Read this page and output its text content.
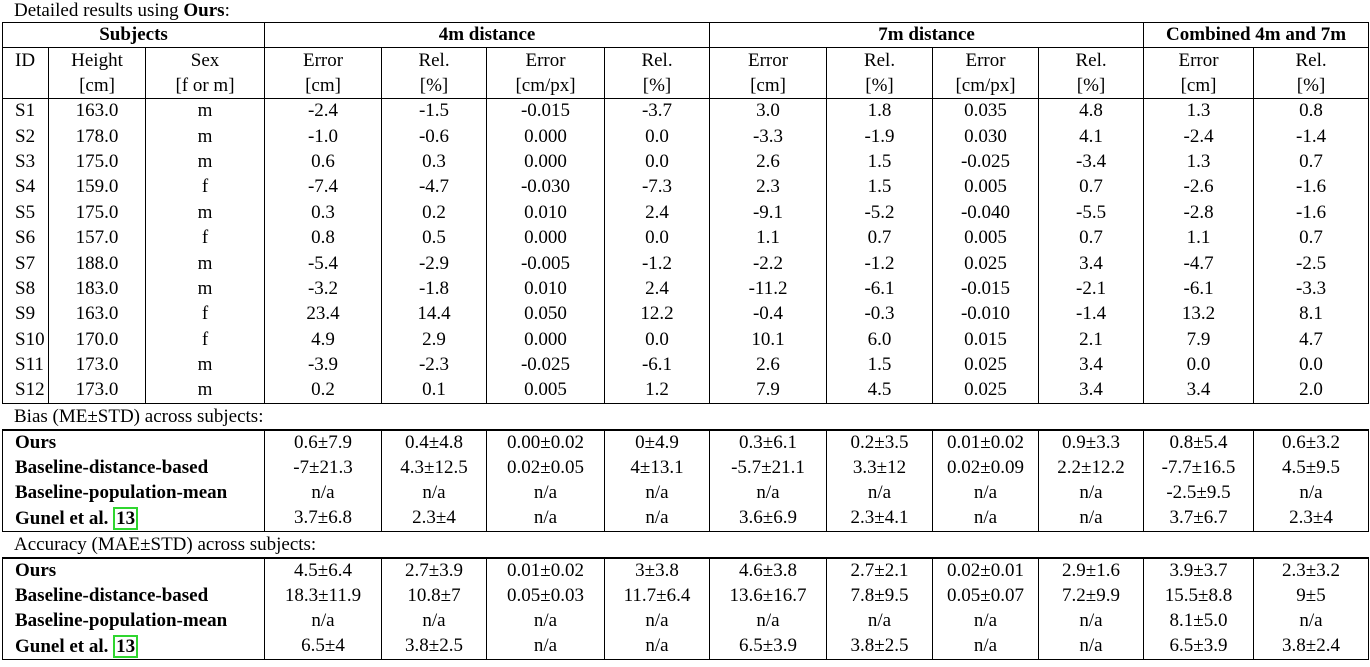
Detailed results using Ours:
Subjects			4m distance				7m distance				Combined 4m and 7m	
ID	Height	Sex	Error	Rel.	Error	Rel.	Error	Rel.	Error	Rel.	Error	Rel.
	[cm]	[f or m]	[cm]	[%]	[cm/px]	[%]	[cm]	[%]	[cm/px]	[%]	[cm]	[%]
S1	163.0	m	-2.4	-1.5	-0.015	-3.7	3.0	1.8	0.035	4.8	1.3	0.8
S2	178.0	m	-1.0	-0.6	0.000	0.0	-3.3	-1.9	0.030	4.1	-2.4	-1.4
S3	175.0	m	0.6	0.3	0.000	0.0	2.6	1.5	-0.025	-3.4	1.3	0.7
S4	159.0	f	-7.4	-4.7	-0.030	-7.3	2.3	1.5	0.005	0.7	-2.6	-1.6
S5	175.0	m	0.3	0.2	0.010	2.4	-9.1	-5.2	-0.040	-5.5	-2.8	-1.6
S6	157.0	f	0.8	0.5	0.000	0.0	1.1	0.7	0.005	0.7	1.1	0.7
S7	188.0	m	-5.4	-2.9	-0.005	-1.2	-2.2	-1.2	0.025	3.4	-4.7	-2.5
S8	183.0	m	-3.2	-1.8	0.010	2.4	-11.2	-6.1	-0.015	-2.1	-6.1	-3.3
S9	163.0	f	23.4	14.4	0.050	12.2	-0.4	-0.3	-0.010	-1.4	13.2	8.1
S10	170.0	f	4.9	2.9	0.000	0.0	10.1	6.0	0.015	2.1	7.9	4.7
S11	173.0	m	-3.9	-2.3	-0.025	-6.1	2.6	1.5	0.025	3.4	0.0	0.0
S12	173.0	m	0.2	0.1	0.005	1.2	7.9	4.5	0.025	3.4	3.4	2.0
Bias (ME±STD) across subjects:
Ours	0.6±7.9	0.4±4.8	0.00±0.02	0±4.9	0.3±6.1	0.2±3.5	0.01±0.02	0.9±3.3	0.8±5.4	0.6±3.2
Baseline-distance-based	-7±21.3	4.3±12.5	0.02±0.05	4±13.1	-5.7±21.1	3.3±12	0.02±0.09	2.2±12.2	-7.7±16.5	4.5±9.5
Baseline-population-mean	n/a	n/a	n/a	n/a	n/a	n/a	n/a	n/a	-2.5±9.5	n/a
Gunel et al. 13	3.7±6.8	2.3±4	n/a	n/a	3.6±6.9	2.3±4.1	n/a	n/a	3.7±6.7	2.3±4
Accuracy (MAE±STD) across subjects:
Ours	4.5±6.4	2.7±3.9	0.01±0.02	3±3.8	4.6±3.8	2.7±2.1	0.02±0.01	2.9±1.6	3.9±3.7	2.3±3.2
Baseline-distance-based	18.3±11.9	10.8±7	0.05±0.03	11.7±6.4	13.6±16.7	7.8±9.5	0.05±0.07	7.2±9.9	15.5±8.8	9±5
Baseline-population-mean	n/a	n/a	n/a	n/a	n/a	n/a	n/a	n/a	8.1±5.0	n/a
Gunel et al. 13	6.5±4	3.8±2.5	n/a	n/a	6.5±3.9	3.8±2.5	n/a	n/a	6.5±3.9	3.8±2.4
